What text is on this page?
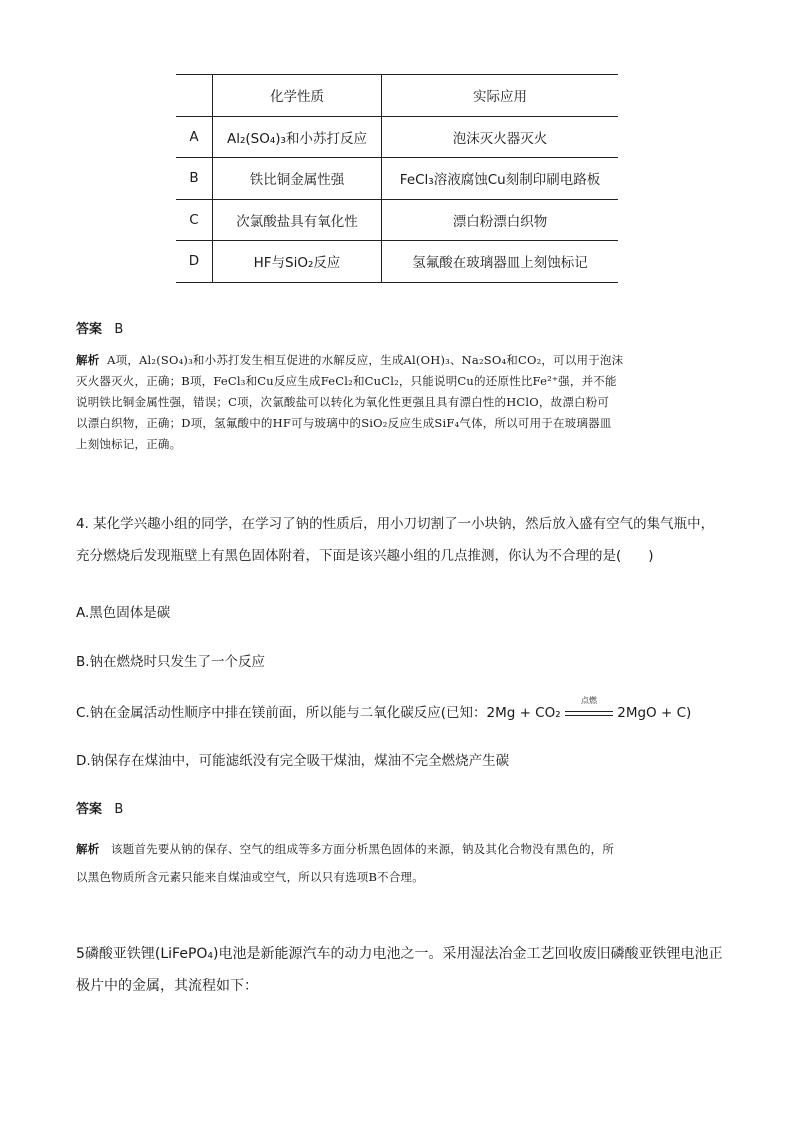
	化学性质	实际应用
A	Al₂(SO₄)₃和小苏打反应	泡沫灭火器灭火
B	铁比铜金属性强	FeCl₃溶液腐蚀Cu刻制印刷电路板
C	次氯酸盐具有氧化性	漂白粉漂白织物
D	HF与SiO₂反应	氢氟酸在玻璃器皿上刻蚀标记
答案 B
解析 A项，Al₂(SO₄)₃和小苏打发生相互促进的水解反应，生成Al(OH)₃、Na₂SO₄和CO₂，可以用于泡沫
灭火器灭火，正确；B项，FeCl₃和Cu反应生成FeCl₂和CuCl₂，只能说明Cu的还原性比Fe²⁺强，并不能
说明铁比铜金属性强，错误；C项，次氯酸盐可以转化为氧化性更强且具有漂白性的HClO，故漂白粉可
以漂白织物，正确；D项，氢氟酸中的HF可与玻璃中的SiO₂反应生成SiF₄气体，所以可用于在玻璃器皿
上刻蚀标记，正确。
4. 某化学兴趣小组的同学，在学习了钠的性质后，用小刀切割了一小块钠，然后放入盛有空气的集气瓶中，
充分燃烧后发现瓶壁上有黑色固体附着，下面是该兴趣小组的几点推测，你认为不合理的是(　　)
A.黑色固体是碳
B.钠在燃烧时只发生了一个反应
C.钠在金属活动性顺序中排在镁前面，所以能与二氧化碳反应(已知：2Mg + CO₂
点燃
2MgO + C)
D.钠保存在煤油中，可能滤纸没有完全吸干煤油，煤油不完全燃烧产生碳
答案 B
解析 该题首先要从钠的保存、空气的组成等多方面分析黑色固体的来源，钠及其化合物没有黑色的，所
以黑色物质所含元素只能来自煤油或空气，所以只有选项B不合理。
5磷酸亚铁锂(LiFePO₄)电池是新能源汽车的动力电池之一。采用湿法冶金工艺回收废旧磷酸亚铁锂电池正
极片中的金属，其流程如下：
